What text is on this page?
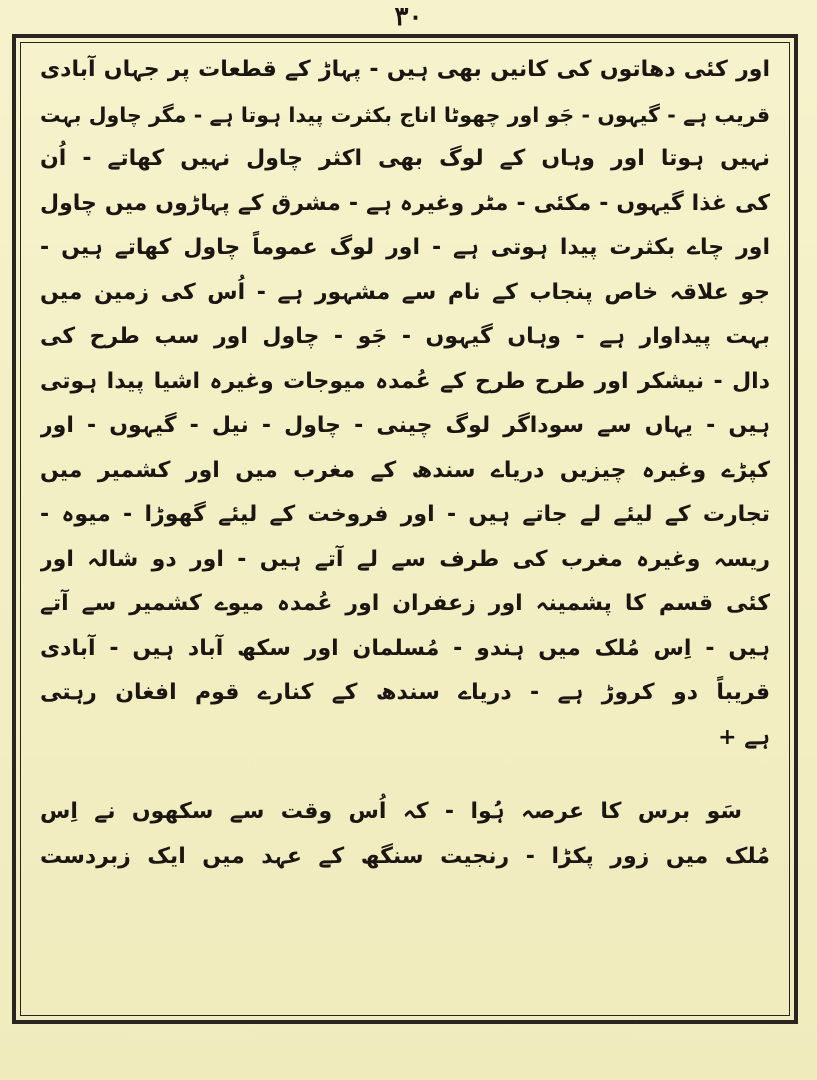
۳۰
اور کئی دھاتوں کی کانیں بھی ہیں - پہاڑ کے قطعات پر جہاں آبادی
قریب ہے - گیہوں - جَو اور چھوٹا اناج بکثرت پیدا ہوتا ہے - مگر چاول بہت
نہیں ہوتا اور وہاں کے لوگ بھی اکثر چاول نہیں کھاتے - اُن
کی غذا گیہوں - مکئی - مٹر وغیرہ ہے - مشرق کے پہاڑوں میں چاول
اور چاے بکثرت پیدا ہوتی ہے - اور لوگ عموماً چاول کھاتے ہیں -
جو علاقہ خاص پنجاب کے نام سے مشہور ہے - اُس کی زمین میں
بہت پیداوار ہے - وہاں گیہوں - جَو - چاول اور سب طرح کی
دال - نیشکر اور طرح طرح کے عُمدہ میوجات وغیرہ اشیا پیدا ہوتی
ہیں - یہاں سے سوداگر لوگ چینی - چاول - نیل - گیہوں - اور
کپڑے وغیرہ چیزیں دریاے سندھ کے مغرب میں اور کشمیر میں
تجارت کے لیئے لے جاتے ہیں - اور فروخت کے لیئے گھوڑا - میوہ -
ریسہ وغیرہ مغرب کی طرف سے لے آتے ہیں - اور دو شالہ اور
کئی قسم کا پشمینہ اور زعفران اور عُمدہ میوے کشمیر سے آتے
ہیں - اِس مُلک میں ہندو - مُسلمان اور سکھ آباد ہیں - آبادی
قریباً دو کروڑ ہے - دریاے سندھ کے کنارے قوم افغان رہتی
ہے +
سَو برس کا عرصہ ہُوا - کہ اُس وقت سے سکھوں نے اِس
مُلک میں زور پکڑا - رنجیت سنگھ کے عہد میں ایک زبردست
